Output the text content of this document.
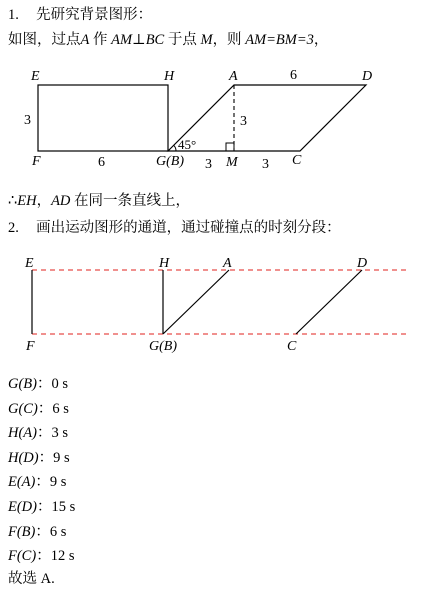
1. 先研究背景图形：
如图，过点A 作 AM⊥BC 于点 M，则 AM=BM=3，
E	H	A	D
F	G(B)	M	C
3
6
6
3
3	3
45°
∴EH，AD 在同一条直线上，
2. 画出运动图形的通道，通过碰撞点的时刻分段：
E	H	A	D
F	G(B)	C
G(B)：0 s
G(C)：6 s
H(A)：3 s
H(D)：9 s
E(A)：9 s
E(D)：15 s
F(B)：6 s
F(C)：12 s
故选 A.
